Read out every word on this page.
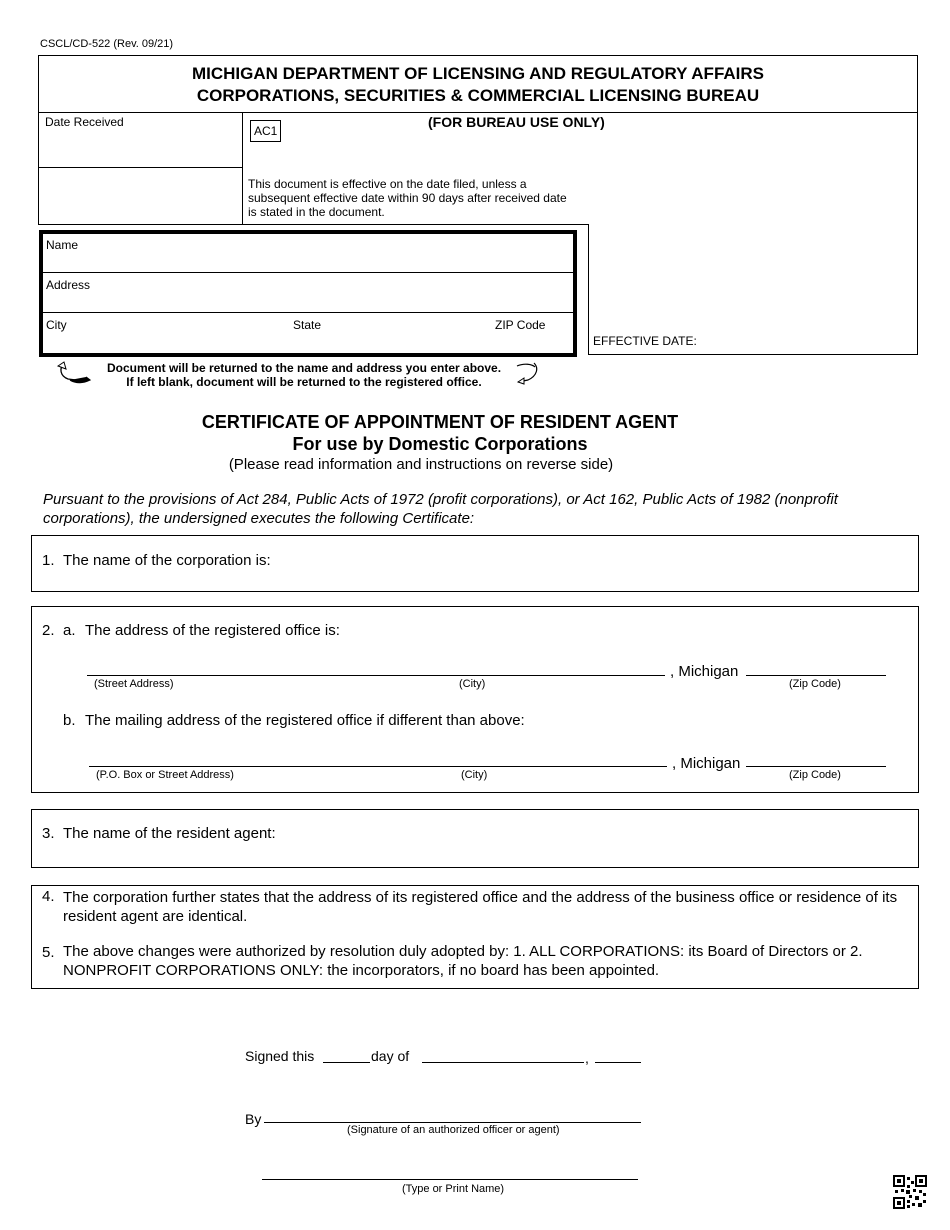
CSCL/CD-522 (Rev. 09/21)
MICHIGAN DEPARTMENT OF LICENSING AND REGULATORY AFFAIRS
CORPORATIONS, SECURITIES & COMMERCIAL LICENSING BUREAU
Date Received
AC1
(FOR BUREAU USE ONLY)
This document is effective on the date filed, unless a subsequent effective date within 90 days after received date is stated in the document.
EFFECTIVE DATE:
Name
Address
City	State	ZIP Code
Document will be returned to the name and address you enter above.
If left blank, document will be returned to the registered office.
CERTIFICATE OF APPOINTMENT OF RESIDENT AGENT
For use by Domestic Corporations
(Please read information and instructions on reverse side)
Pursuant to the provisions of Act 284, Public Acts of 1972 (profit corporations), or Act 162, Public Acts of 1982 (nonprofit corporations), the undersigned executes the following Certificate:
1. The name of the corporation is:
2. a. The address of the registered office is:
, Michigan
(Street Address)	(City)	(Zip Code)
b. The mailing address of the registered office if different than above:
, Michigan
(P.O. Box or Street Address)	(City)	(Zip Code)
3. The name of the resident agent:
4. The corporation further states that the address of its registered office and the address of the business office or residence of its resident agent are identical.
5. The above changes were authorized by resolution duly adopted by: 1. ALL CORPORATIONS: its Board of Directors or 2. NONPROFIT CORPORATIONS ONLY: the incorporators, if no board has been appointed.
Signed this	day of	,
By
(Signature of an authorized officer or agent)
(Type or Print Name)
